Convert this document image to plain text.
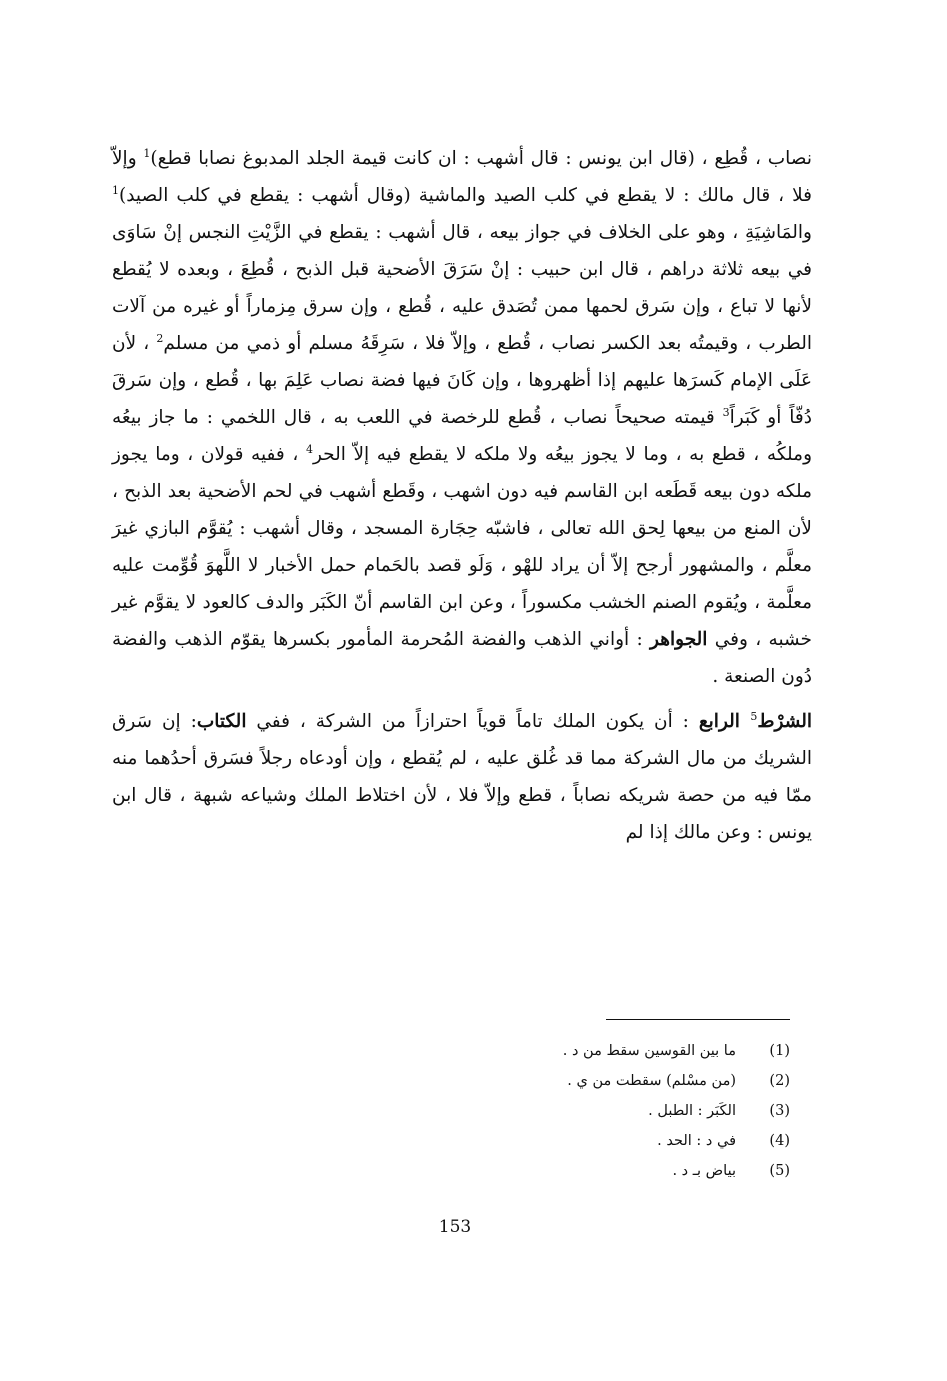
نصاب ، قُطِع ، (قال ابن يونس : قال أشهب : ان كانت قيمة الجلد المدبوغ نصابا قطع)$^1$ وإلاّ فلا ، قال مالك : لا يقطع في كلب الصيد والماشية (وقال أشهب : يقطع في كلب الصيد)$^1$ والمَاشِيَةِ ، وهو على الخلاف في جواز بيعه ، قال أشهب : يقطع في الزَّيْتِ النجس إنْ سَاوَى في بيعه ثلاثة دراهم ، قال ابن حبيب : إنْ سَرَقَ الأضحية قبل الذبح ، قُطِعَ ، وبعده لا يُقطع لأنها لا تباع ، وإن سَرق لحمها ممن تُصَدق عليه ، قُطع ، وإن سرق مِزماراً أو غيره من آلات الطرب ، وقيمتُه بعد الكسر نصاب ، قُطع ، وإلاّ فلا ، سَرِقَهُ مسلم أو ذمي من مسلم$^2$ ، لأن عَلَى الإمام كَسرَها عليهم إذا أظهروها ، وإن كَانَ فيها فضة نصاب عَلِمَ بها ، قُطع ، وإن سَرقَ دُفّاً أو كَبَراً$^3$ قيمته صحيحاً نصاب ، قُطع للرخصة في اللعب به ، قال اللخمي : ما جاز بيعُه وملكُه ، قطع به ، وما لا يجوز بيعُه ولا ملكه لا يقطع فيه إلاّ الحر$^4$ ، ففيه قولان ، وما يجوز ملكه دون بيعه قَطَعه ابن القاسم فيه دون اشهب ، وقَطع أشهب في لحم الأضحية بعد الذبح ، لأن المنع من بيعها لِحق الله تعالى ، فاشبّه حِجَارة المسجد ، وقال أشهب : يُقوَّم البازي غيرَ معلَّم ، والمشهور أرجح إلاّ أن يراد للهْو ، وَلَو قصد بالحَمام حمل الأخبار لا اللَّهوَ قُوِّمت عليه معلَّمة ، ويُقوم الصنم الخشب مكسوراً ، وعن ابن القاسم أنّ الكَبَر والدف كالعود لا يقوَّم غير خشبه ، وفي الجواهر : أواني الذهب والفضة المُحرمة المأمور بكسرها يقوّم الذهب والفضة دُون الصنعة .

الشرْط$^5$ الرابع : أن يكون الملك تاماً قوياً احترازاً من الشركة ، ففي الكتاب: إن سَرق الشريك من مال الشركة مما قد غُلق عليه ، لم يُقطع ، وإن أودعاه رجلاً فسَرق أحدُهما منه ممّا فيه من حصة شريكه نصاباً ، قطع وإلاّ فلا ، لأن اختلاط الملك وشياعه شبهة ، قال ابن يونس : وعن مالك إذا لم

(1)
ما بين القوسين سقط من د .
(2)
(من مسْلم) سقطت من ي .
(3)
الكَبَر : الطبل .
(4)
في د : الحد .
(5)
بياض بـ د .
153
